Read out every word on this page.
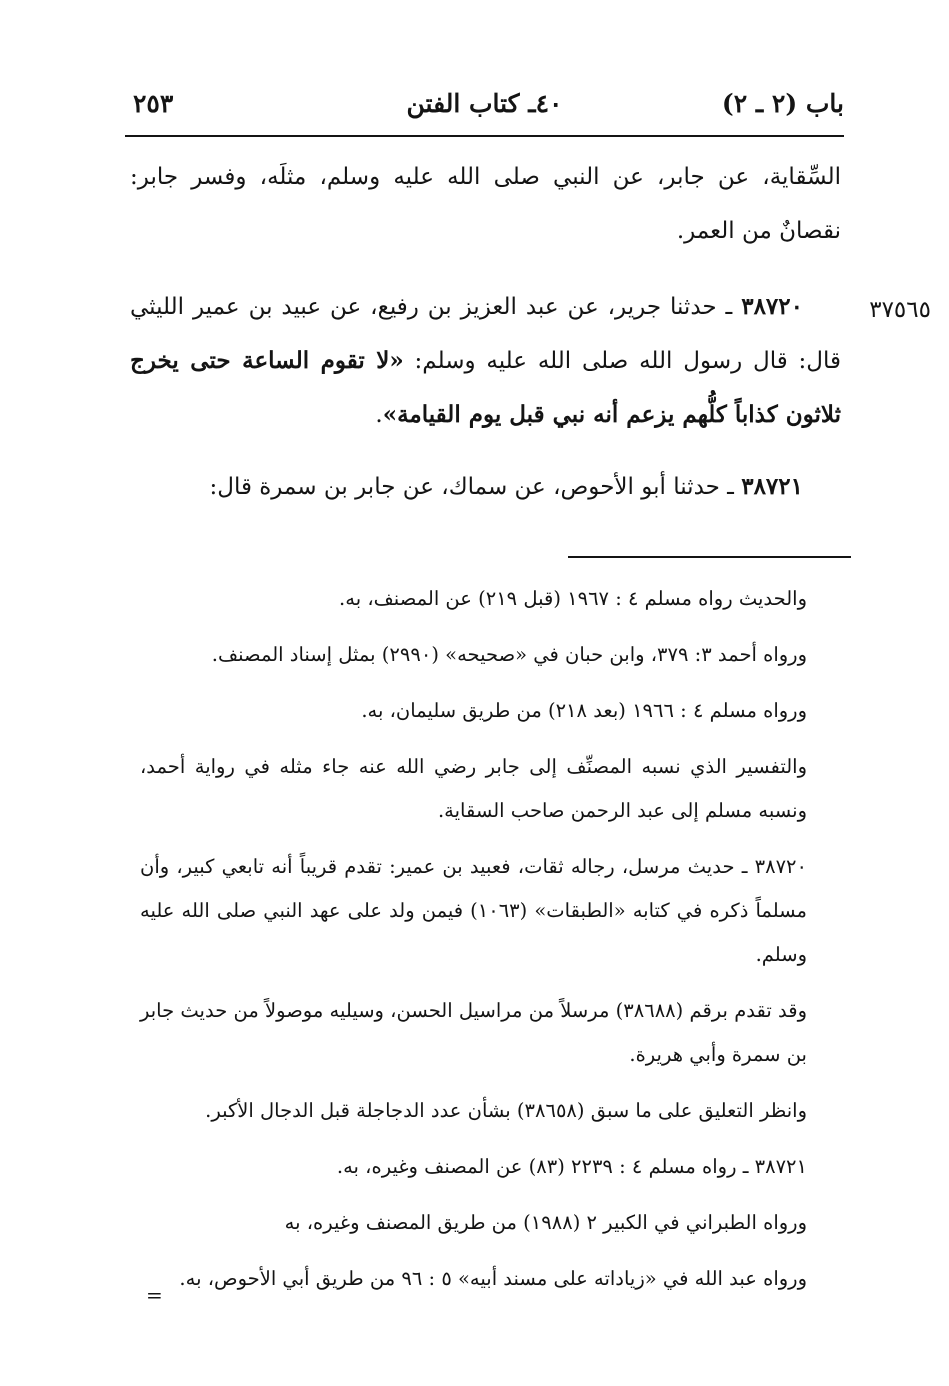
باب (٢ ـ ٢)
٤٠ـ كتاب الفتن
٢٥٣
٣٧٥٦٥

السِّقاية، عن جابر، عن النبي صلى الله عليه وسلم، مثلَه، وفسر جابر: نقصانٌ من العمر.

٣٨٧٢٠ ـ حدثنا جرير، عن عبد العزيز بن رفيع، عن عبيد بن عمير الليثي قال: قال رسول الله صلى الله عليه وسلم: «لا تقوم الساعة حتى يخرج ثلاثون كذاباً كلُّهم يزعم أنه نبي قبل يوم القيامة».

٣٨٧٢١ ـ حدثنا أبو الأحوص، عن سماك، عن جابر بن سمرة قال:

والحديث رواه مسلم ٤ : ١٩٦٧ (قبل ٢١٩) عن المصنف، به.

ورواه أحمد ٣: ٣٧٩، وابن حبان في «صحيحه» (٢٩٩٠) بمثل إسناد المصنف.

ورواه مسلم ٤ : ١٩٦٦ (بعد ٢١٨) من طريق سليمان، به.

والتفسير الذي نسبه المصنِّف إلى جابر رضي الله عنه جاء مثله في رواية أحمد، ونسبه مسلم إلى عبد الرحمن صاحب السقاية.

٣٨٧٢٠ ـ حديث مرسل، رجاله ثقات، فعبيد بن عمير: تقدم قريباً أنه تابعي كبير، وأن مسلماً ذكره في كتابه «الطبقات» (١٠٦٣) فيمن ولد على عهد النبي صلى الله عليه وسلم.

وقد تقدم برقم (٣٨٦٨٨) مرسلاً من مراسيل الحسن، وسيليه موصولاً من حديث جابر بن سمرة وأبي هريرة.

وانظر التعليق على ما سبق (٣٨٦٥٨) بشأن عدد الدجاجلة قبل الدجال الأكبر.

٣٨٧٢١ ـ رواه مسلم ٤ : ٢٢٣٩ (٨٣) عن المصنف وغيره، به.

ورواه الطبراني في الكبير ٢ (١٩٨٨) من طريق المصنف وغيره، به

ورواه عبد الله في «زياداته على مسند أبيه» ٥ : ٩٦ من طريق أبي الأحوص، به.

=
